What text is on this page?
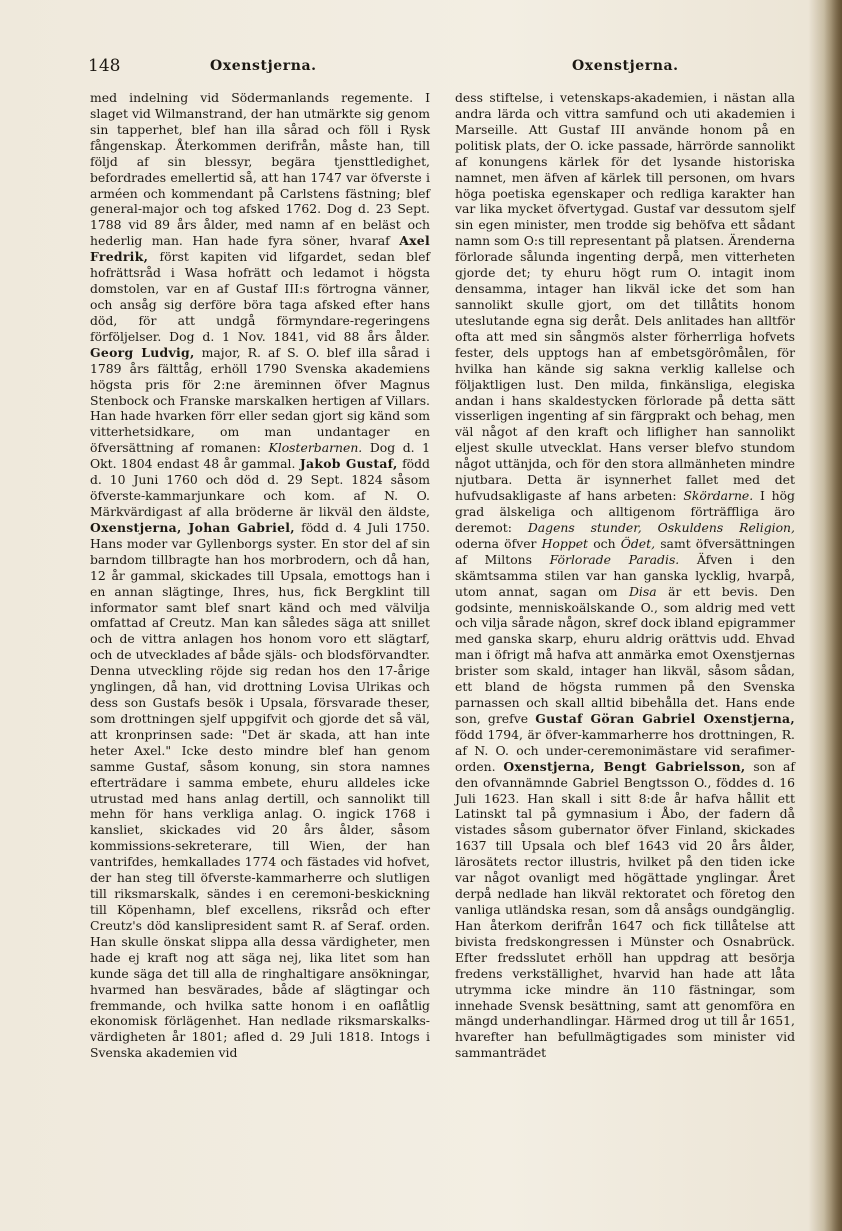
148	Oxenstjerna.	Oxenstjerna.

med indelning vid Södermanlands regemente. I slaget vid Wilmanstrand, der han utmärkte sig genom sin tapperhet, blef han illa sårad och föll i Rysk fångenskap. Återkommen derifrån, måste han, till följd af sin blessyr, begära tjensttledighet, befordrades emellertid så, att han 1747 var öfverste i arméen och kommendant på Carlstens fästning; blef general-major och tog afsked 1762. Dog d. 23 Sept. 1788 vid 89 års ålder, med namn af en beläst och hederlig man. Han hade fyra söner, hvaraf Axel Fredrik, först kapiten vid lifgardet, sedan blef hofrättsråd i Wasa hofrätt och ledamot i högsta domstolen, var en af Gustaf III:s förtrogna vänner, och ansåg sig derföre böra taga afsked efter hans död, för att undgå förmyndare-regeringens förföljelser. Dog d. 1 Nov. 1841, vid 88 års ålder. Georg Ludvig, major, R. af S. O. blef illa sårad i 1789 års fälttåg, erhöll 1790 Svenska akademiens högsta pris för 2:ne äreminnen öfver Magnus Stenbock och Franske marskalken hertigen af Villars. Han hade hvarken förr eller sedan gjort sig känd som vitterhetsidkare, om man undantager en öfversättning af romanen: Klosterbarnen. Dog d. 1 Okt. 1804 endast 48 år gammal. Jakob Gustaf, född d. 10 Juni 1760 och död d. 29 Sept. 1824 såsom öfverste-kammarjunkare och kom. af N. O. Märkvärdigast af alla bröderne är likväl den äldste, Oxenstjerna, Johan Gabriel, född d. 4 Juli 1750. Hans moder var Gyllenborgs syster. En stor del af sin barndom tillbragte han hos morbrodern, och då han, 12 år gammal, skickades till Upsala, emottogs han i en annan slägtinge, Ihres, hus, fick Bergklint till informator samt blef snart känd och med välvilja omfattad af Creutz. Man kan således säga att snillet och de vittra anlagen hos honom voro ett slägtarf, och de utvecklades af både själs- och blodsförvandter. Denna utveckling röjde sig redan hos den 17-årige ynglingen, då han, vid drottning Lovisa Ulrikas och dess son Gustafs besök i Upsala, försvarade theser, som drottningen sjelf uppgifvit och gjorde det så väl, att kronprinsen sade: "Det är skada, att han inte heter Axel." Icke desto mindre blef han genom samme Gustaf, såsom konung, sin stora namnes efterträdare i samma embete, ehuru alldeles icke utrustad med hans anlag dertill, och sannolikt till mehn för hans verkliga anlag. O. ingick 1768 i kansliet, skickades vid 20 års ålder, såsom kommissions-sekreterare, till Wien, der han vantrifdes, hemkallades 1774 och fästades vid hofvet, der han steg till öfverste-kammarherre och slutligen till riksmarskalk, sändes i en ceremoni-beskickning till Köpenhamn, blef excellens, riksråd och efter Creutz's död kanslipresident samt R. af Seraf. orden. Han skulle önskat slippa alla dessa värdigheter, men hade ej kraft nog att säga nej, lika litet som han kunde säga det till alla de ringhaltigare ansökningar, hvarmed han besvärades, både af slägtingar och fremmande, och hvilka satte honom i en oaflåtlig ekonomisk förlägenhet. Han nedlade riksmarskalks-värdigheten år 1801; afled d. 29 Juli 1818. Intogs i Svenska akademien vid

dess stiftelse, i vetenskaps-akademien, i nästan alla andra lärda och vittra samfund och uti akademien i Marseille. Att Gustaf III använde honom på en politisk plats, der O. icke passade, härrörde sannolikt af konungens kärlek för det lysande historiska namnet, men äfven af kärlek till personen, om hvars höga poetiska egenskaper och redliga karakter han var lika mycket öfvertygad. Gustaf var dessutom sjelf sin egen minister, men trodde sig behöfva ett sådant namn som O:s till representant på platsen. Ärenderna förlorade sålunda ingenting derpå, men vitterheten gjorde det; ty ehuru högt rum O. intagit inom densamma, intager han likväl icke det som han sannolikt skulle gjort, om det tillåtits honom uteslutande egna sig deråt. Dels anlitades han alltför ofta att med sin sångmös alster förherrliga hofvets fester, dels upptogs han af embetsgörômålen, för hvilka han kände sig sakna verklig kallelse och följaktligen lust. Den milda, finkänsliga, elegiska andan i hans skaldestycken förlorade på detta sätt visserligen ingenting af sin färgprakt och behag, men väl något af den kraft och lifligheт han sannolikt eljest skulle utvecklat. Hans verser blefvo stundom något uttänjda, och för den stora allmänheten mindre njutbara. Detta är isynnerhet fallet med det hufvudsakligaste af hans arbeten: Skördarne. I hög grad älskeliga och alltigenom förträffliga äro deremot: Dagens stunder, Oskuldens Religion, oderna öfver Hoppet och Ödet, samt öfversättningen af Miltons Förlorade Paradis. Äfven i den skämtsamma stilen var han ganska lycklig, hvarpå, utom annat, sagan om Disa är ett bevis. Den godsinte, menniskoälskande O., som aldrig med vett och vilja sårade någon, skref dock ibland epigrammer med ganska skarp, ehuru aldrig orättvis udd. Ehvad man i öfrigt må hafva att anmärka emot Oxenstjernas brister som skald, intager han likväl, såsom sådan, ett bland de högsta rummen på den Svenska parnassen och skall alltid bibehålla det. Hans ende son, grefve Gustaf Göran Gabriel Oxenstjerna, född 1794, är öfver-kammarherre hos drottningen, R. af N. O. och under-ceremonimästare vid serafimer-orden. Oxenstjerna, Bengt Gabrielsson, son af den ofvannämnde Gabriel Bengtsson O., föddes d. 16 Juli 1623. Han skall i sitt 8:de år hafva hållit ett Latinskt tal på gymnasium i Åbo, der fadern då vistades såsom gubernator öfver Finland, skickades 1637 till Upsala och blef 1643 vid 20 års ålder, lärosätets rector illustris, hvilket på den tiden icke var något ovanligt med högättade ynglingar. Året derpå nedlade han likväl rektoratet och företog den vanliga utländska resan, som då ansågs oundgänglig. Han återkom derifrån 1647 och fick tillåtelse att bivista fredskongressen i Münster och Osnabrück. Efter fredsslutet erhöll han uppdrag att besörja fredens verkställighet, hvarvid han hade att låta utrymma icke mindre än 110 fästningar, som innehade Svensk besättning, samt att genomföra en mängd underhandlingar. Härmed drog ut till år 1651, hvarefter han befullmägtigades som minister vid sammanträdet
